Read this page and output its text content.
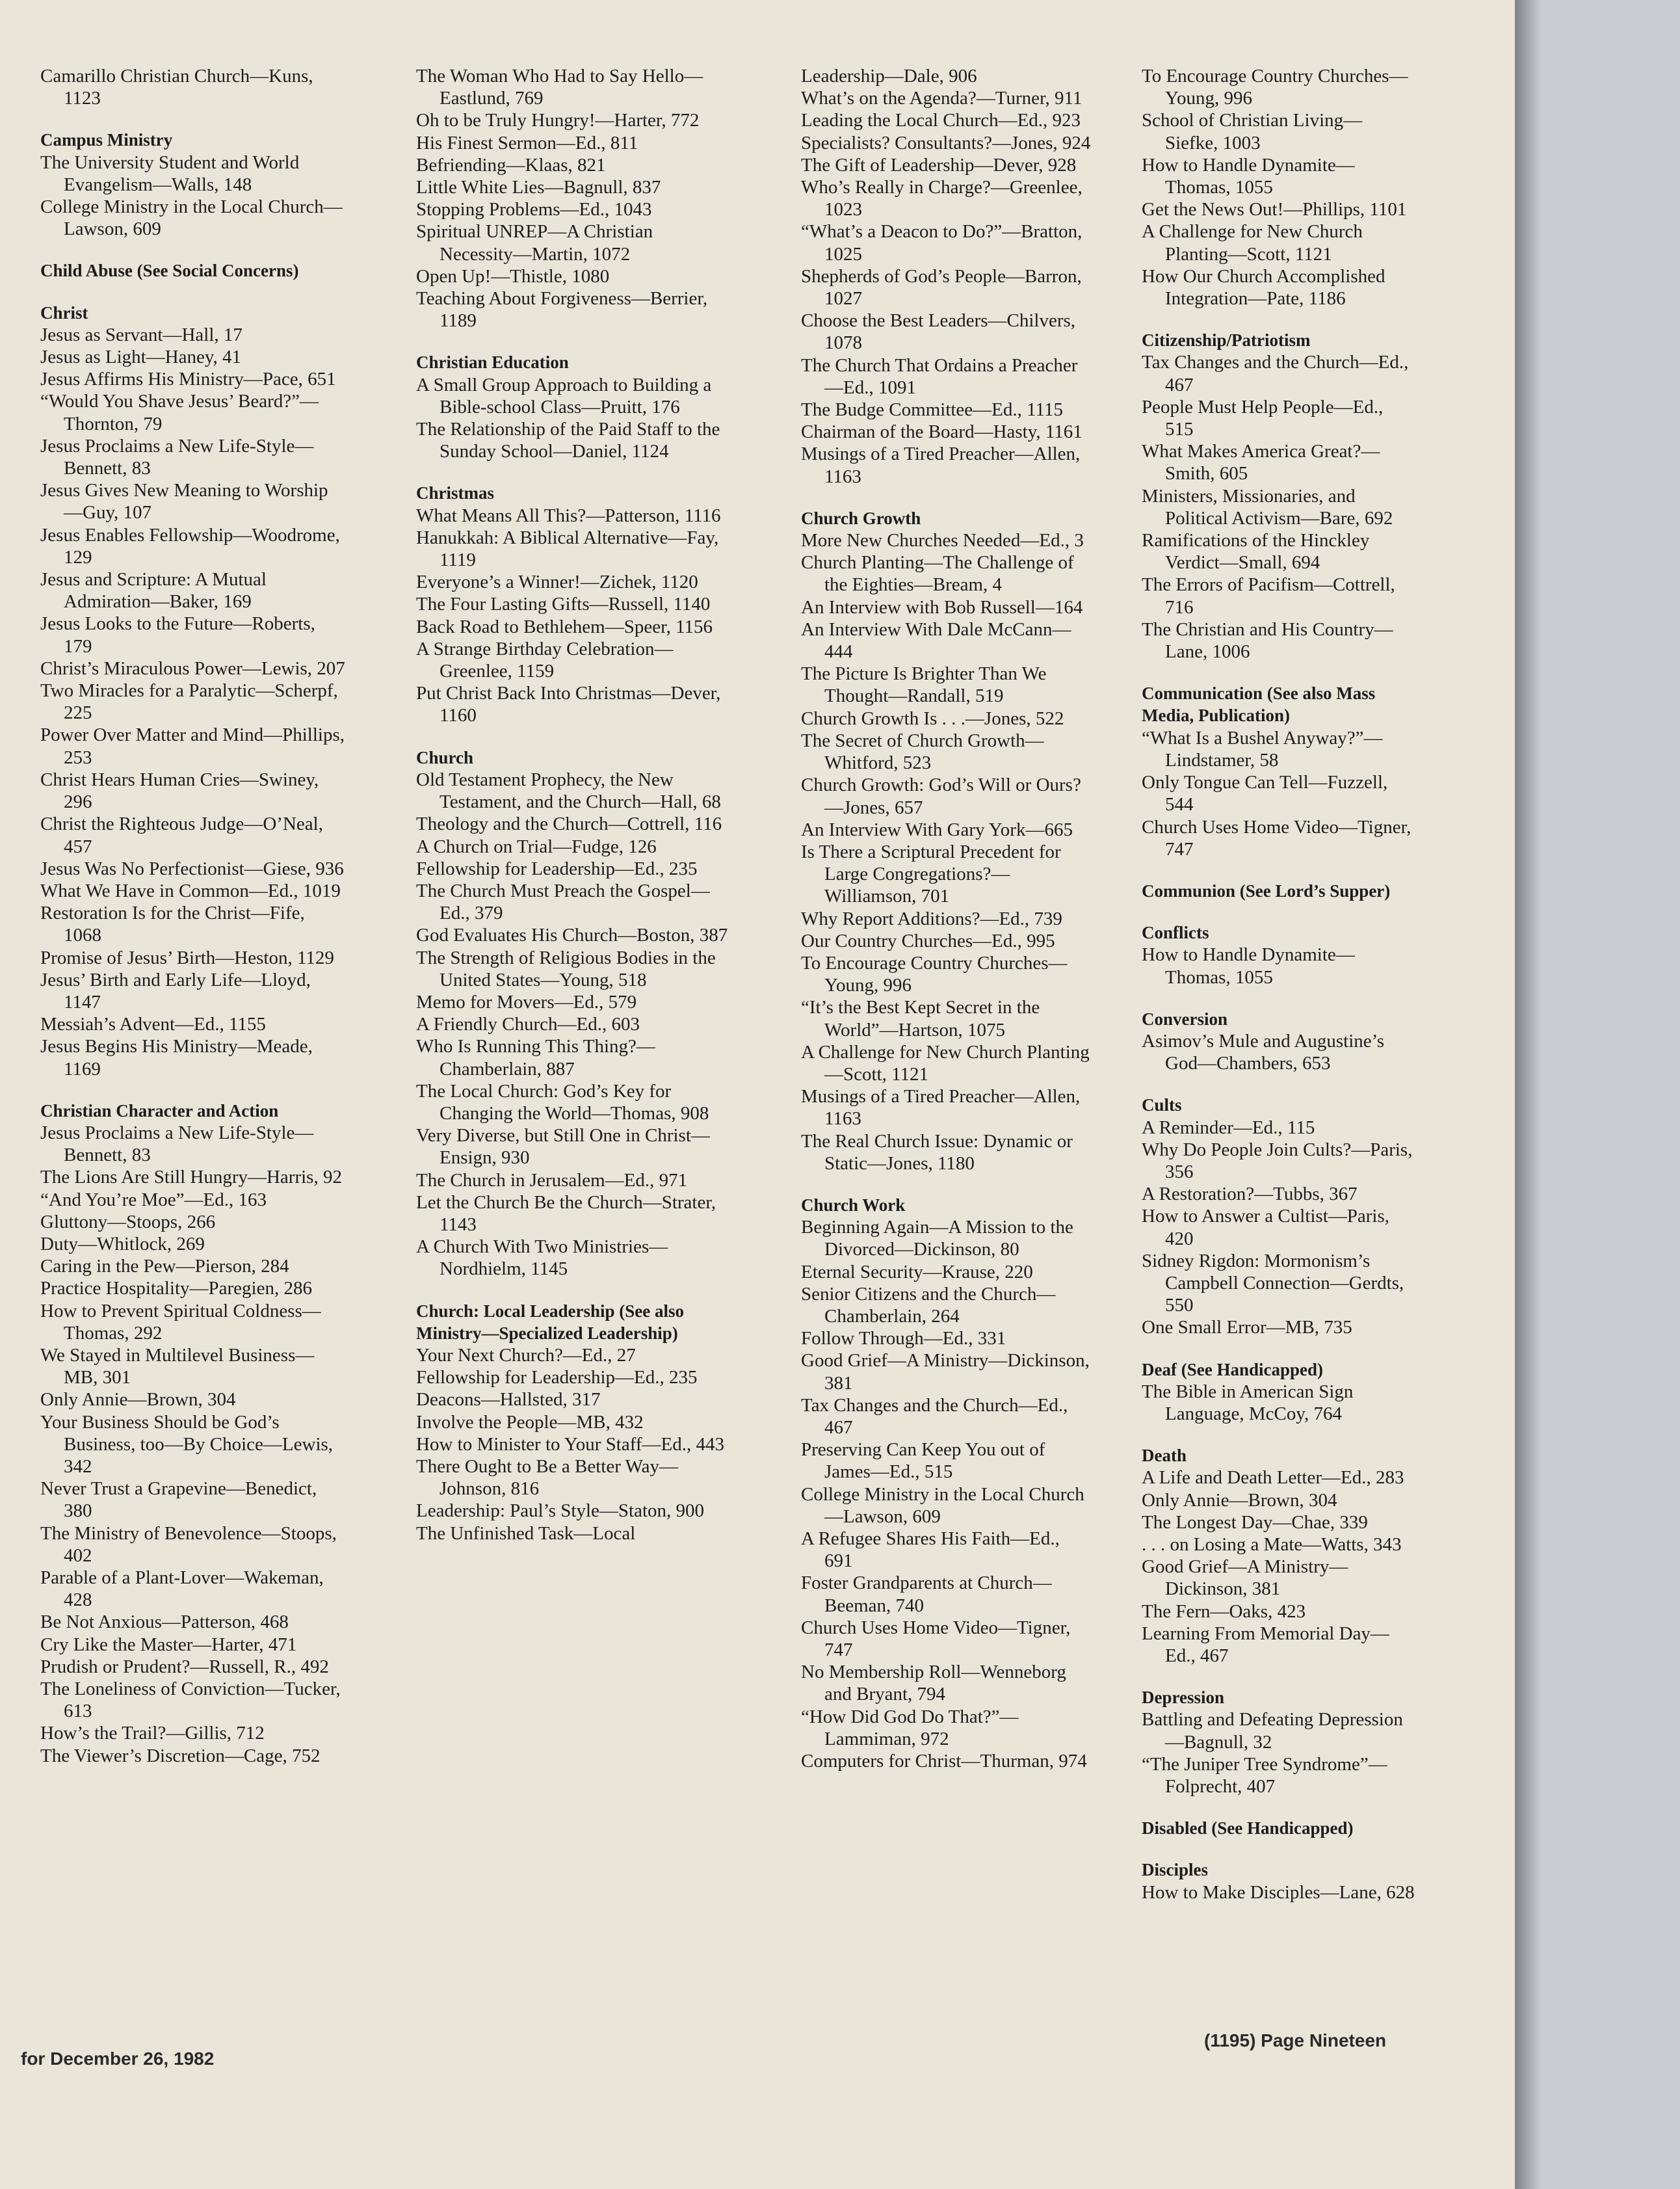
Camarillo Christian Church—Kuns, 1123
Campus Ministry
The University Student and World Evangelism—Walls, 148
College Ministry in the Local Church—Lawson, 609
Child Abuse (See Social Concerns)
Christ
Jesus as Servant—Hall, 17
Jesus as Light—Haney, 41
Jesus Affirms His Ministry—Pace, 651
“Would You Shave Jesus’ Beard?”—Thornton, 79
Jesus Proclaims a New Life-Style—Bennett, 83
Jesus Gives New Meaning to Worship—Guy, 107
Jesus Enables Fellowship—Woodrome, 129
Jesus and Scripture: A Mutual Admiration—Baker, 169
Jesus Looks to the Future—Roberts, 179
Christ’s Miraculous Power—Lewis, 207
Two Miracles for a Paralytic—Scherpf, 225
Power Over Matter and Mind—Phillips, 253
Christ Hears Human Cries—Swiney, 296
Christ the Righteous Judge—O’Neal, 457
Jesus Was No Perfectionist—Giese, 936
What We Have in Common—Ed., 1019
Restoration Is for the Christ—Fife, 1068
Promise of Jesus’ Birth—Heston, 1129
Jesus’ Birth and Early Life—Lloyd, 1147
Messiah’s Advent—Ed., 1155
Jesus Begins His Ministry—Meade, 1169
Christian Character and Action
Jesus Proclaims a New Life-Style—Bennett, 83
The Lions Are Still Hungry—Harris, 92
“And You’re Moe”—Ed., 163
Gluttony—Stoops, 266
Duty—Whitlock, 269
Caring in the Pew—Pierson, 284
Practice Hospitality—Paregien, 286
How to Prevent Spiritual Coldness—Thomas, 292
We Stayed in Multilevel Business—MB, 301
Only Annie—Brown, 304
Your Business Should be God’s Business, too—By Choice—Lewis, 342
Never Trust a Grapevine—Benedict, 380
The Ministry of Benevolence—Stoops, 402
Parable of a Plant-Lover—Wakeman, 428
Be Not Anxious—Patterson, 468
Cry Like the Master—Harter, 471
Prudish or Prudent?—Russell, R., 492
The Loneliness of Conviction—Tucker, 613
How’s the Trail?—Gillis, 712
The Viewer’s Discretion—Cage, 752
The Woman Who Had to Say Hello—Eastlund, 769
Oh to be Truly Hungry!—Harter, 772
His Finest Sermon—Ed., 811
Befriending—Klaas, 821
Little White Lies—Bagnull, 837
Stopping Problems—Ed., 1043
Spiritual UNREP—A Christian Necessity—Martin, 1072
Open Up!—Thistle, 1080
Teaching About Forgiveness—Berrier, 1189
Christian Education
A Small Group Approach to Building a Bible-school Class—Pruitt, 176
The Relationship of the Paid Staff to the Sunday School—Daniel, 1124
Christmas
What Means All This?—Patterson, 1116
Hanukkah: A Biblical Alternative—Fay, 1119
Everyone’s a Winner!—Zichek, 1120
The Four Lasting Gifts—Russell, 1140
Back Road to Bethlehem—Speer, 1156
A Strange Birthday Celebration—Greenlee, 1159
Put Christ Back Into Christmas—Dever, 1160
Church
Old Testament Prophecy, the New Testament, and the Church—Hall, 68
Theology and the Church—Cottrell, 116
A Church on Trial—Fudge, 126
Fellowship for Leadership—Ed., 235
The Church Must Preach the Gospel—Ed., 379
God Evaluates His Church—Boston, 387
The Strength of Religious Bodies in the United States—Young, 518
Memo for Movers—Ed., 579
A Friendly Church—Ed., 603
Who Is Running This Thing?—Chamberlain, 887
The Local Church: God’s Key for Changing the World—Thomas, 908
Very Diverse, but Still One in Christ—Ensign, 930
The Church in Jerusalem—Ed., 971
Let the Church Be the Church—Strater, 1143
A Church With Two Ministries—Nordhielm, 1145
Church: Local Leadership (See also Ministry—Specialized Leadership)
Your Next Church?—Ed., 27
Fellowship for Leadership—Ed., 235
Deacons—Hallsted, 317
Involve the People—MB, 432
How to Minister to Your Staff—Ed., 443
There Ought to Be a Better Way—Johnson, 816
Leadership: Paul’s Style—Staton, 900
The Unfinished Task—Local
Leadership—Dale, 906
What’s on the Agenda?—Turner, 911
Leading the Local Church—Ed., 923
Specialists? Consultants?—Jones, 924
The Gift of Leadership—Dever, 928
Who’s Really in Charge?—Greenlee, 1023
“What’s a Deacon to Do?”—Bratton, 1025
Shepherds of God’s People—Barron, 1027
Choose the Best Leaders—Chilvers, 1078
The Church That Ordains a Preacher—Ed., 1091
The Budge Committee—Ed., 1115
Chairman of the Board—Hasty, 1161
Musings of a Tired Preacher—Allen, 1163
Church Growth
More New Churches Needed—Ed., 3
Church Planting—The Challenge of the Eighties—Bream, 4
An Interview with Bob Russell—164
An Interview With Dale McCann—444
The Picture Is Brighter Than We Thought—Randall, 519
Church Growth Is . . .—Jones, 522
The Secret of Church Growth—Whitford, 523
Church Growth: God’s Will or Ours?—Jones, 657
An Interview With Gary York—665
Is There a Scriptural Precedent for Large Congregations?—Williamson, 701
Why Report Additions?—Ed., 739
Our Country Churches—Ed., 995
To Encourage Country Churches—Young, 996
“It’s the Best Kept Secret in the World”—Hartson, 1075
A Challenge for New Church Planting—Scott, 1121
Musings of a Tired Preacher—Allen, 1163
The Real Church Issue: Dynamic or Static—Jones, 1180
Church Work
Beginning Again—A Mission to the Divorced—Dickinson, 80
Eternal Security—Krause, 220
Senior Citizens and the Church—Chamberlain, 264
Follow Through—Ed., 331
Good Grief—A Ministry—Dickinson, 381
Tax Changes and the Church—Ed., 467
Preserving Can Keep You out of James—Ed., 515
College Ministry in the Local Church—Lawson, 609
A Refugee Shares His Faith—Ed., 691
Foster Grandparents at Church—Beeman, 740
Church Uses Home Video—Tigner, 747
No Membership Roll—Wenneborg and Bryant, 794
“How Did God Do That?”—Lammiman, 972
Computers for Christ—Thurman, 974
To Encourage Country Churches—Young, 996
School of Christian Living—Siefke, 1003
How to Handle Dynamite—Thomas, 1055
Get the News Out!—Phillips, 1101
A Challenge for New Church Planting—Scott, 1121
How Our Church Accomplished Integration—Pate, 1186
Citizenship/Patriotism
Tax Changes and the Church—Ed., 467
People Must Help People—Ed., 515
What Makes America Great?—Smith, 605
Ministers, Missionaries, and Political Activism—Bare, 692
Ramifications of the Hinckley Verdict—Small, 694
The Errors of Pacifism—Cottrell, 716
The Christian and His Country—Lane, 1006
Communication (See also Mass Media, Publication)
“What Is a Bushel Anyway?”—Lindstamer, 58
Only Tongue Can Tell—Fuzzell, 544
Church Uses Home Video—Tigner, 747
Communion (See Lord’s Supper)
Conflicts
How to Handle Dynamite—Thomas, 1055
Conversion
Asimov’s Mule and Augustine’s God—Chambers, 653
Cults
A Reminder—Ed., 115
Why Do People Join Cults?—Paris, 356
A Restoration?—Tubbs, 367
How to Answer a Cultist—Paris, 420
Sidney Rigdon: Mormonism’s Campbell Connection—Gerdts, 550
One Small Error—MB, 735
Deaf (See Handicapped)
The Bible in American Sign Language, McCoy, 764
Death
A Life and Death Letter—Ed., 283
Only Annie—Brown, 304
The Longest Day—Chae, 339
. . . on Losing a Mate—Watts, 343
Good Grief—A Ministry—Dickinson, 381
The Fern—Oaks, 423
Learning From Memorial Day—Ed., 467
Depression
Battling and Defeating Depression—Bagnull, 32
“The Juniper Tree Syndrome”—Folprecht, 407
Disabled (See Handicapped)
Disciples
How to Make Disciples—Lane, 628
for December 26, 1982
(1195) Page Nineteen
